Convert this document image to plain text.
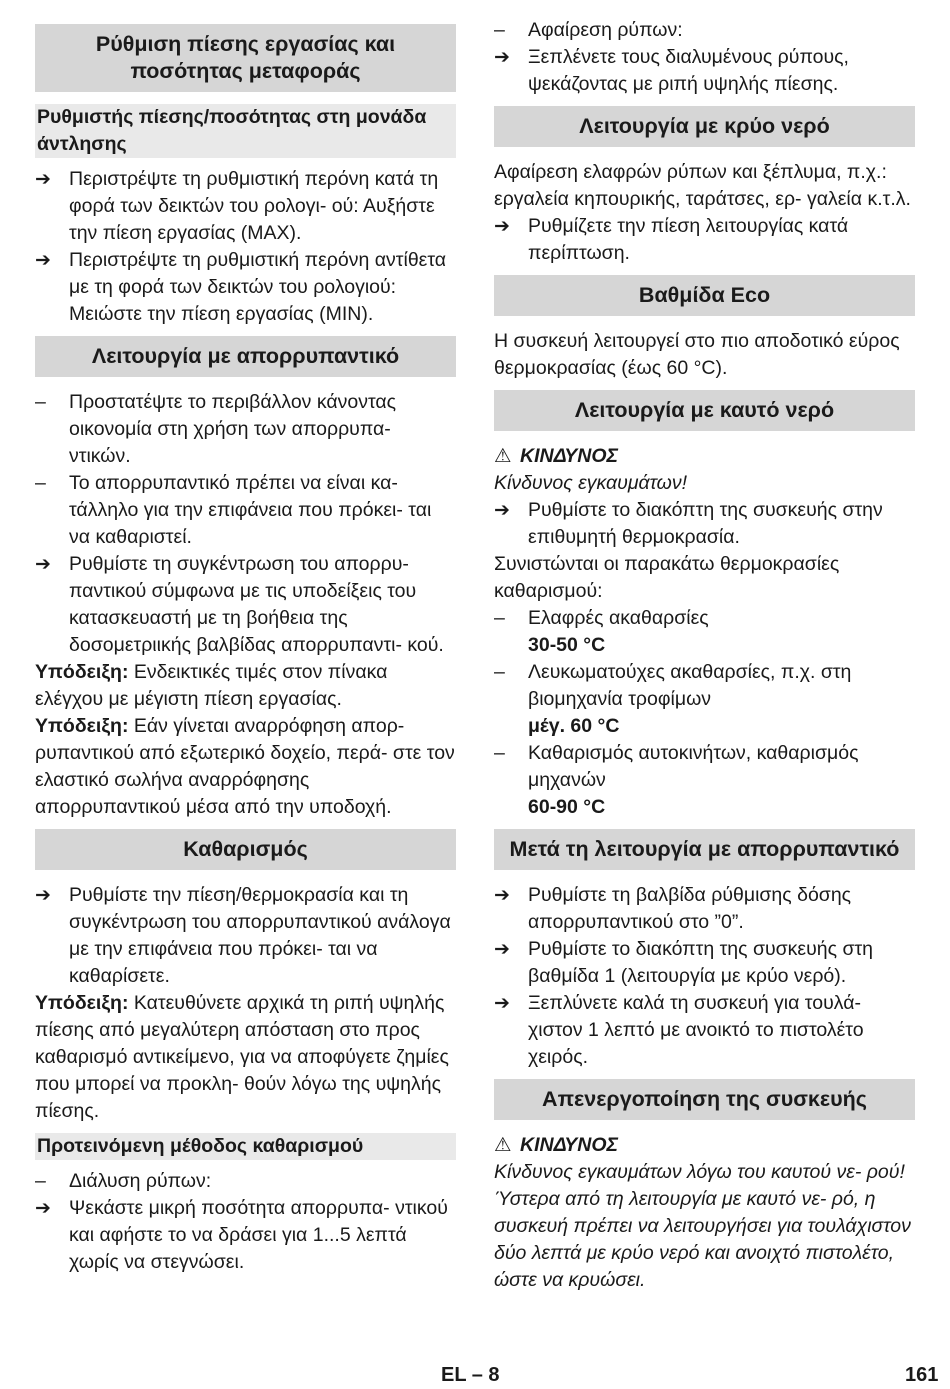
Ρύθμιση πίεσης εργασίας και ποσότητας μεταφοράς
Ρυθμιστής πίεσης/ποσότητας στη μονάδα άντλησης
➔ Περιστρέψτε τη ρυθμιστική περόνη κατά τη φορά των δεικτών του ρολογι- ού: Αυξήστε την πίεση εργασίας (MAX).
➔ Περιστρέψτε τη ρυθμιστική περόνη αντίθετα με τη φορά των δεικτών του ρολογιού: Μειώστε την πίεση εργασίας (MIN).
Λειτουργία με απορρυπαντικό
–	Προστατέψτε το περιβάλλον κάνοντας οικονομία στη χρήση των απορρυπα- ντικών.
–	Το απορρυπαντικό πρέπει να είναι κα- τάλληλο για την επιφάνεια που πρόκει- ται να καθαριστεί.
➔ Ρυθμίστε τη συγκέντρωση του απορρυ- παντικού σύμφωνα με τις υποδείξεις του κατασκευαστή με τη βοήθεια της δοσομετριικής βαλβίδας απορρυπαντι- κού.

Υπόδειξη: Ενδεικτικές τιμές στον πίνακα ελέγχου με μέγιστη πίεση εργασίας.

Υπόδειξη: Εάν γίνεται αναρρόφηση απορ- ρυπαντικού από εξωτερικό δοχείο, περά- στε τον ελαστικό σωλήνα αναρρόφησης απορρυπαντικού μέσα από την υποδοχή.

Καθαρισμός
➔ Ρυθμίστε την πίεση/θερμοκρασία και τη συγκέντρωση του απορρυπαντικού ανάλογα με την επιφάνεια που πρόκει- ται να καθαρίσετε.

Υπόδειξη: Κατευθύνετε αρχικά τη ριπή υψηλής πίεσης από μεγαλύτερη απόσταση στο προς καθαρισμό αντικείμενο, για να αποφύγετε ζημίες που μπορεί να προκλη- θούν λόγω της υψηλής πίεσης.

Προτεινόμενη μέθοδος καθαρισμού
–	Διάλυση ρύπων:
➔ Ψεκάστε μικρή ποσότητα απορρυπα- ντικού και αφήστε το να δράσει για 1...5 λεπτά χωρίς να στεγνώσει.
–	Αφαίρεση ρύπων:
➔ Ξεπλένετε τους διαλυμένους ρύπους, ψεκάζοντας με ριπή υψηλής πίεσης.
Λειτουργία με κρύο νερό

Αφαίρεση ελαφρών ρύπων και ξέπλυμα, π.χ.: εργαλεία κηπουρικής, ταράτσες, ερ- γαλεία κ.τ.λ.

➔ Ρυθμίζετε την πίεση λειτουργίας κατά περίπτωση.
Βαθμίδα Eco

Η συσκευή λειτουργεί στο πιο αποδοτικό εύρος θερμοκρασίας (έως 60 °C).

Λειτουργία με καυτό νερό
⚠ ΚΙΝΔΥΝΟΣ

Κίνδυνος εγκαυμάτων!

➔ Ρυθμίστε το διακόπτη της συσκευής στην επιθυμητή θερμοκρασία.

Συνιστώνται οι παρακάτω θερμοκρασίες καθαρισμού:

–	Ελαφρές ακαθαρσίες
30-50 °C
–	Λευκωματούχες ακαθαρσίες, π.χ. στη βιομηχανία τροφίμων
μέγ. 60 °C
–	Καθαρισμός αυτοκινήτων, καθαρισμός μηχανών
60-90 °C
Μετά τη λειτουργία με απορρυπαντικό
➔ Ρυθμίστε τη βαλβίδα ρύθμισης δόσης απορρυπαντικού στο ”0”.
➔ Ρυθμίστε το διακόπτη της συσκευής στη βαθμίδα 1 (λειτουργία με κρύο νερό).
➔ Ξεπλύνετε καλά τη συσκευή για τουλά- χιστον 1 λεπτό με ανοικτό το πιστολέτο χειρός.
Απενεργοποίηση της συσκευής
⚠ ΚΙΝΔΥΝΟΣ

Κίνδυνος εγκαυμάτων λόγω του καυτού νε- ρού! Ύστερα από τη λειτουργία με καυτό νε- ρό, η συσκευή πρέπει να λειτουργήσει για τουλάχιστον δύο λεπτά με κρύο νερό και ανοιχτό πιστολέτο, ώστε να κρυώσει.

EL – 8	161
